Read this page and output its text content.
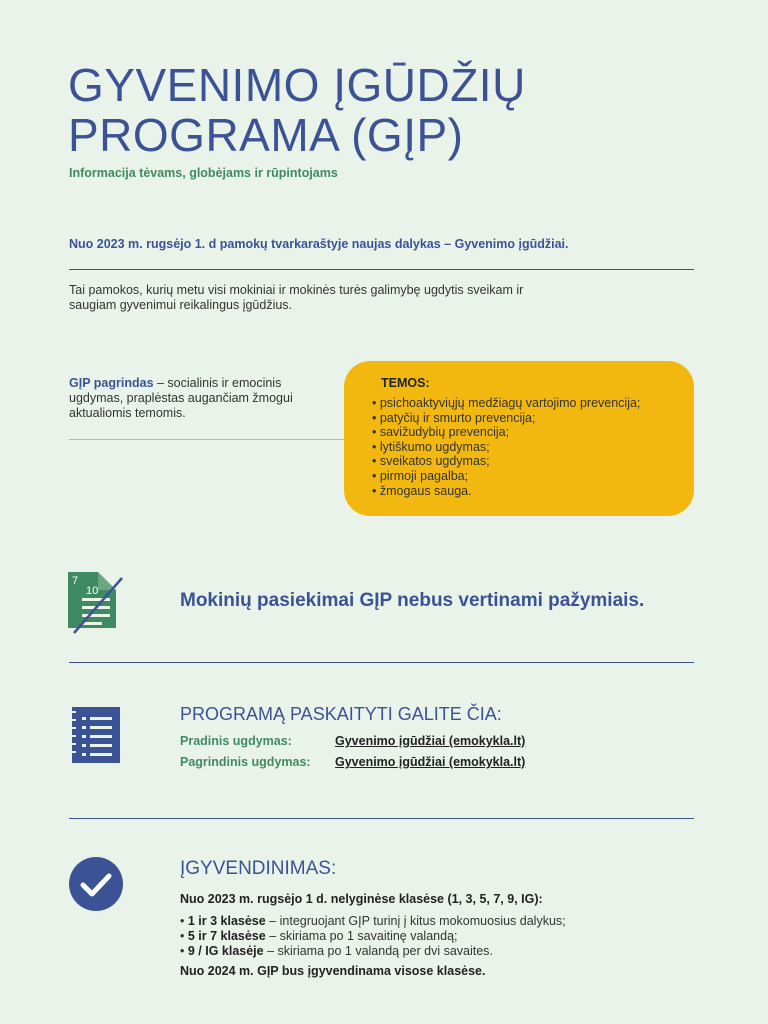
GYVENIMO ĮGŪDŽIŲ
PROGRAMA (GĮP)
Informacija tėvams, globėjams ir rūpintojams
Nuo 2023 m. rugsėjo 1. d pamokų tvarkaraštyje naujas dalykas – Gyvenimo įgūdžiai.
Tai pamokos, kurių metu visi mokiniai ir mokinės turės galimybę ugdytis sveikam ir saugiam gyvenimui reikalingus įgūdžius.
GĮP pagrindas – socialinis ir emocinis ugdymas, praplėstas augančiam žmogui aktualiomis temomis.
TEMOS:
• psichoaktyviųjų medžiagų vartojimo prevencija;
• patyčių ir smurto prevencija;
• savižudybių prevencija;
• lytiškumo ugdymas;
• sveikatos ugdymas;
• pirmoji pagalba;
• žmogaus sauga.
7
10	Mokinių pasiekimai GĮP nebus vertinami pažymiais.
PROGRAMĄ PASKAITYTI GALITE ČIA:
Pradinis ugdymas:	Gyvenimo įgūdžiai (emokykla.lt)
Pagrindinis ugdymas: Gyvenimo įgūdžiai (emokykla.lt)
ĮGYVENDINIMAS:
Nuo 2023 m. rugsėjo 1 d. nelyginėse klasėse (1, 3, 5, 7, 9, IG):
• 1 ir 3 klasėse – integruojant GĮP turinį į kitus mokomuosius dalykus;
• 5 ir 7 klasėse – skiriama po 1 savaitinę valandą;
• 9 / IG klasėje – skiriama po 1 valandą per dvi savaites.
Nuo 2024 m. GĮP bus įgyvendinama visose klasėse.
